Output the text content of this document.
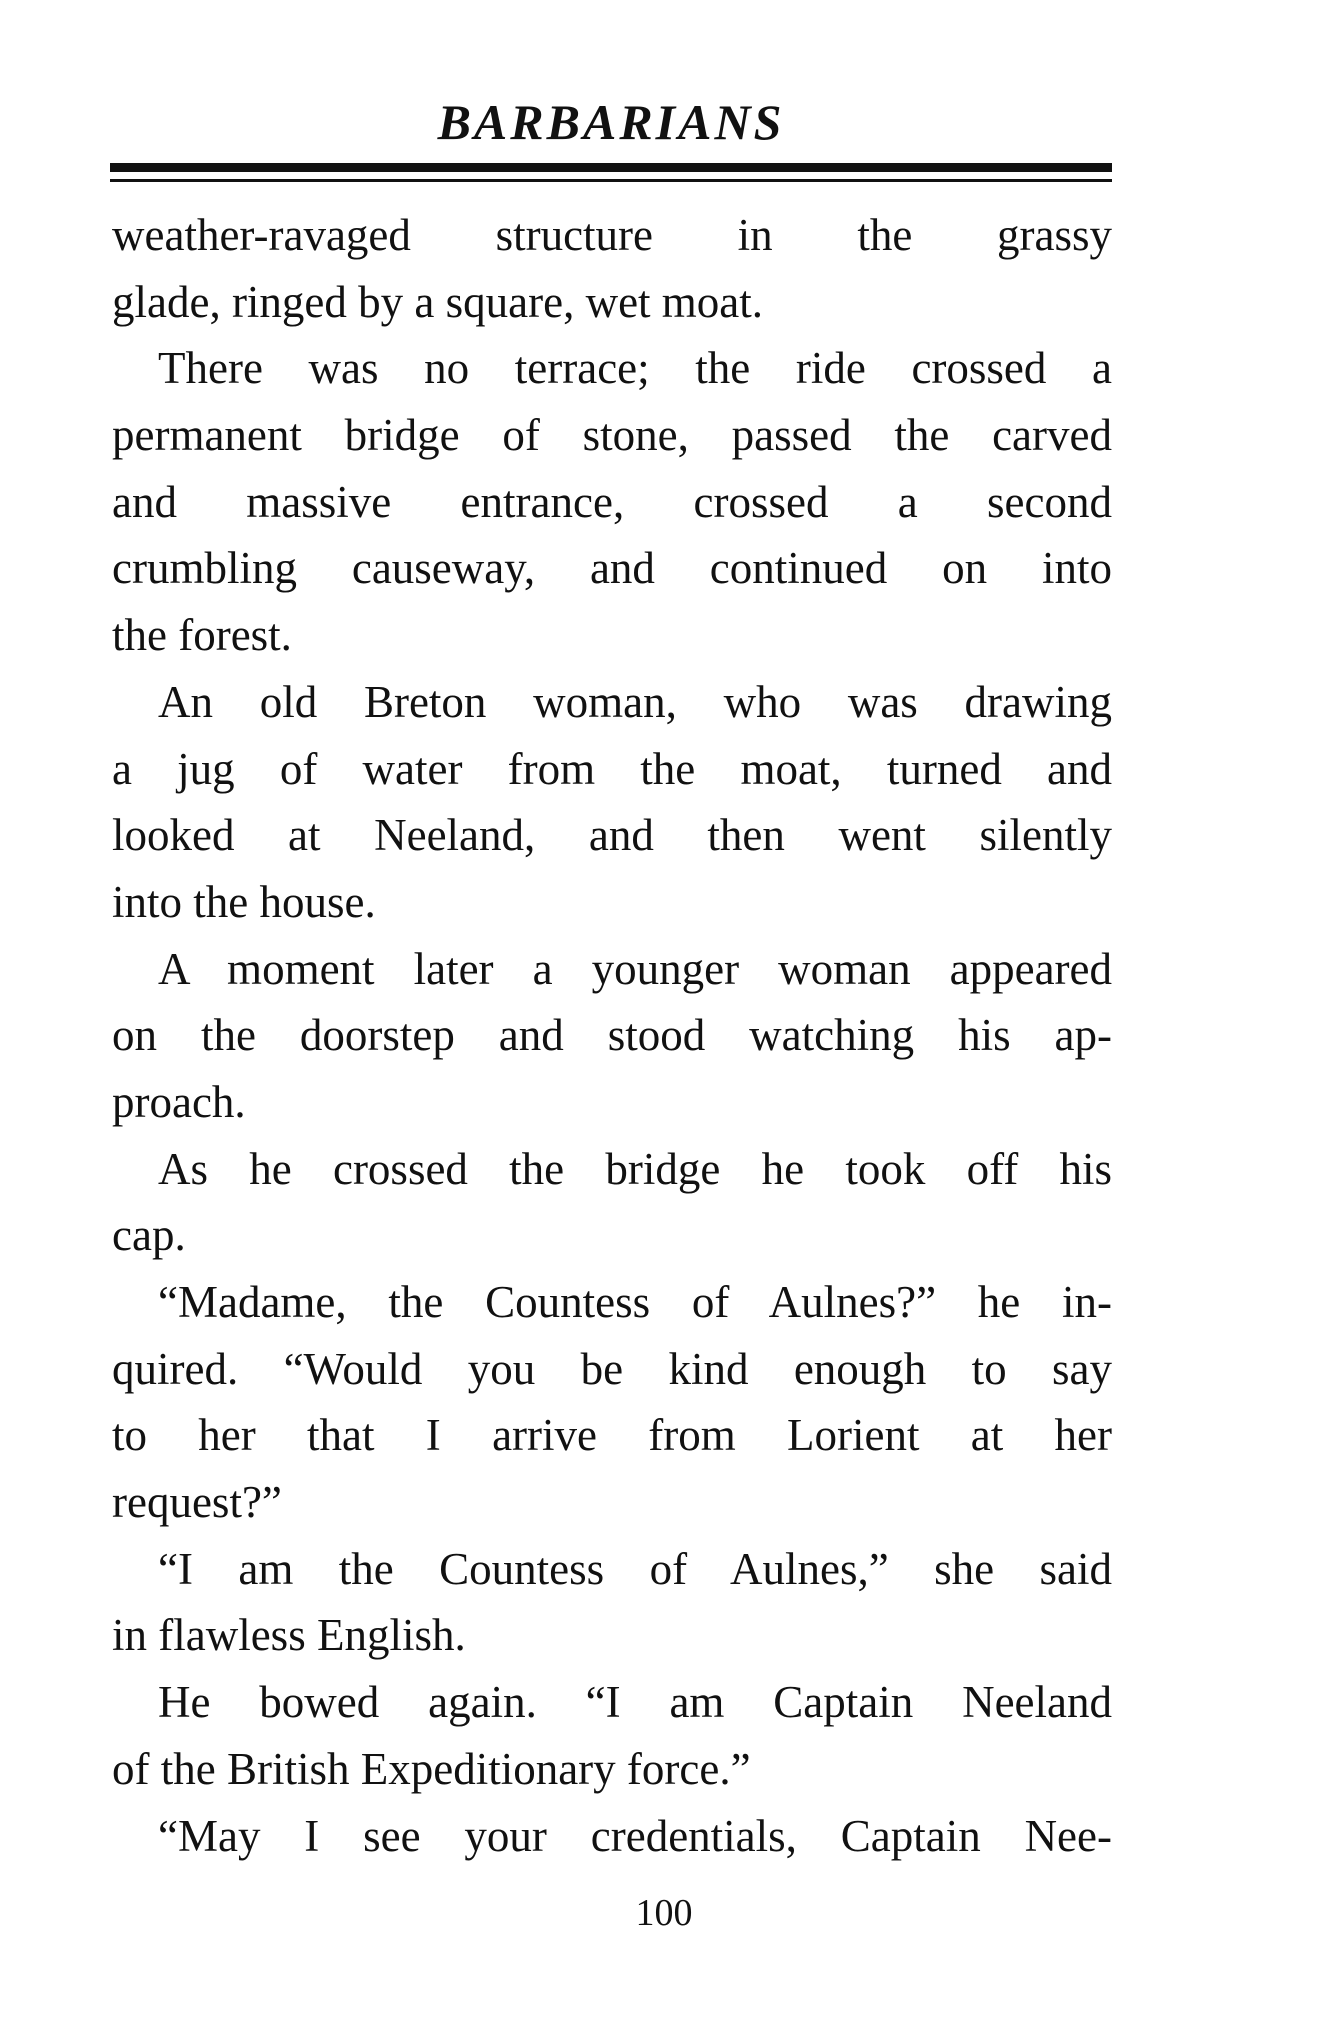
BARBARIANS
weather-ravaged structure in the grassy
glade, ringed by a square, wet moat.
There was no terrace; the ride crossed a
permanent bridge of stone, passed the carved
and massive entrance, crossed a second
crumbling causeway, and continued on into
the forest.
An old Breton woman, who was drawing
a jug of water from the moat, turned and
looked at Neeland, and then went silently
into the house.
A moment later a younger woman appeared
on the doorstep and stood watching his ap-
proach.
As he crossed the bridge he took off his
cap.
“Madame, the Countess of Aulnes?” he in-
quired. “Would you be kind enough to say
to her that I arrive from Lorient at her
request?”
“I am the Countess of Aulnes,” she said
in flawless English.
He bowed again. “I am Captain Neeland
of the British Expeditionary force.”
“May I see your credentials, Captain Nee-
100
